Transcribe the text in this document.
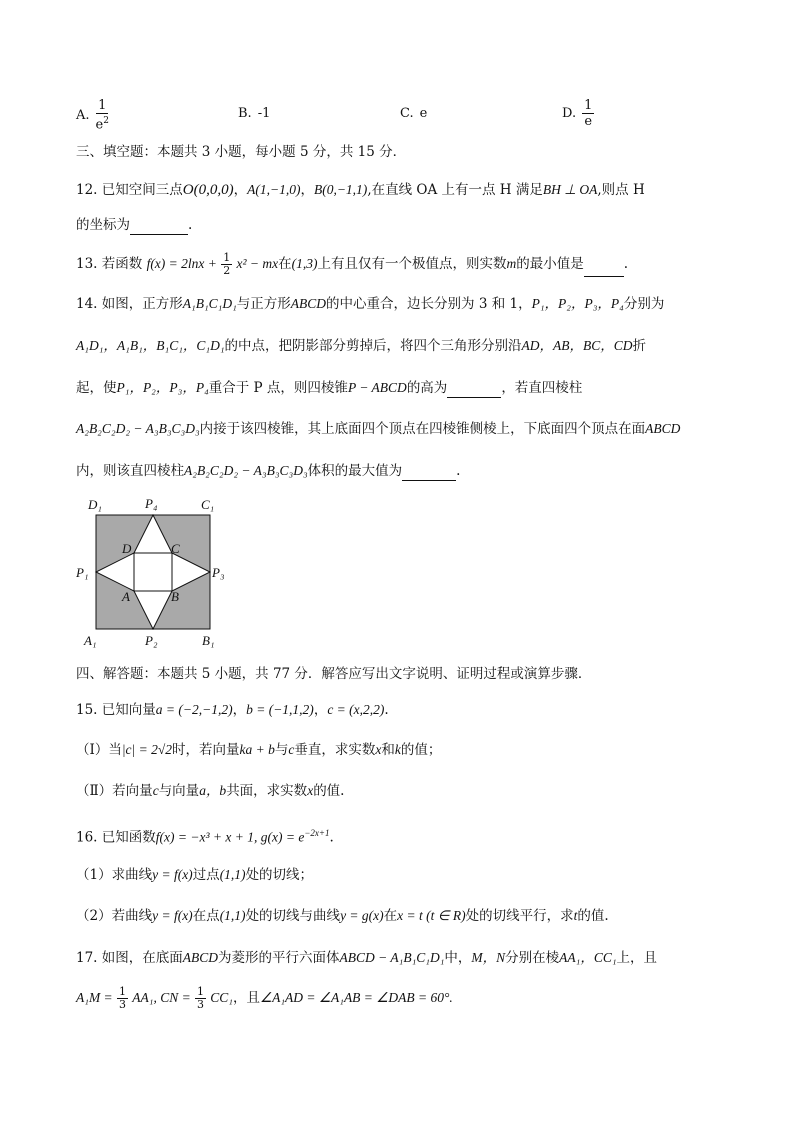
A. $\frac{1}{e^2}$	B. -1	C. e	D. $\frac{1}{e}$
三、填空题：本题共 3 小题，每小题 5 分，共 15 分．
12. 已知空间三点O(0,0,0)，A(1,−1,0)，B(0,−1,1),在直线 OA 上有一点 H 满足BH ⊥ OA,则点 H
的坐标为	.
13. 若函数 $f(x) = 2\ln x + \frac{1}{2} x^2$ − mx在(1,3)上有且仅有一个极值点，则实数m的最小值是	.
14. 如图，正方形A₁B₁C₁D₁与正方形ABCD的中心重合，边长分别为 3 和 1，P₁，P₂，P₃，P₄分别为
A₁D₁，A₁B₁，B₁C₁，C₁D₁的中点，把阴影部分剪掉后，将四个三角形分别沿AD，AB，BC，CD折
起，使P₁，P₂，P₃，P₄重合于 P 点，则四棱锥P − ABCD的高为	，若直四棱柱
A₂B₂C₂D₂ − A₃B₃C₃D₃内接于该四棱锥，其上底面四个顶点在四棱锥侧棱上，下底面四个顶点在面ABCD
内，则该直四棱柱A₂B₂C₂D₂ − A₃B₃C₃D₃体积的最大值为	.
D₁	P₄	C₁
D	C
P₁	P₃
A	B
A₁	P₂	B₁
四、解答题：本题共 5 小题，共 77 分．解答应写出文字说明、证明过程或演算步骤．
15. 已知向量a = (−2,−1,2)，b = (−1,1,2)，c = (x,2,2).
（Ⅰ）当|c| = 2√2时，若向量ka + b与c垂直，求实数x和k的值；
（Ⅱ）若向量c与向量a，b共面，求实数x的值.
16. 已知函数f(x) = −x³ + x + 1, $g(x) = e^{-2x+1}$.
（1）求曲线y = f(x)过点(1,1)处的切线；
（2）若曲线y = f(x)在点(1,1)处的切线与曲线y = g(x)在x = t (t ∈ R)处的切线平行，求t的值.
17. 如图，在底面ABCD为菱形的平行六面体ABCD − A₁B₁C₁D₁中，M，N分别在棱AA₁，CC₁上，且
$A_1M = \frac{1}{3} AA_1$, CN = $\frac{1}{3} CC_1$，且∠A₁AD = ∠A₁AB = ∠DAB = 60°.
